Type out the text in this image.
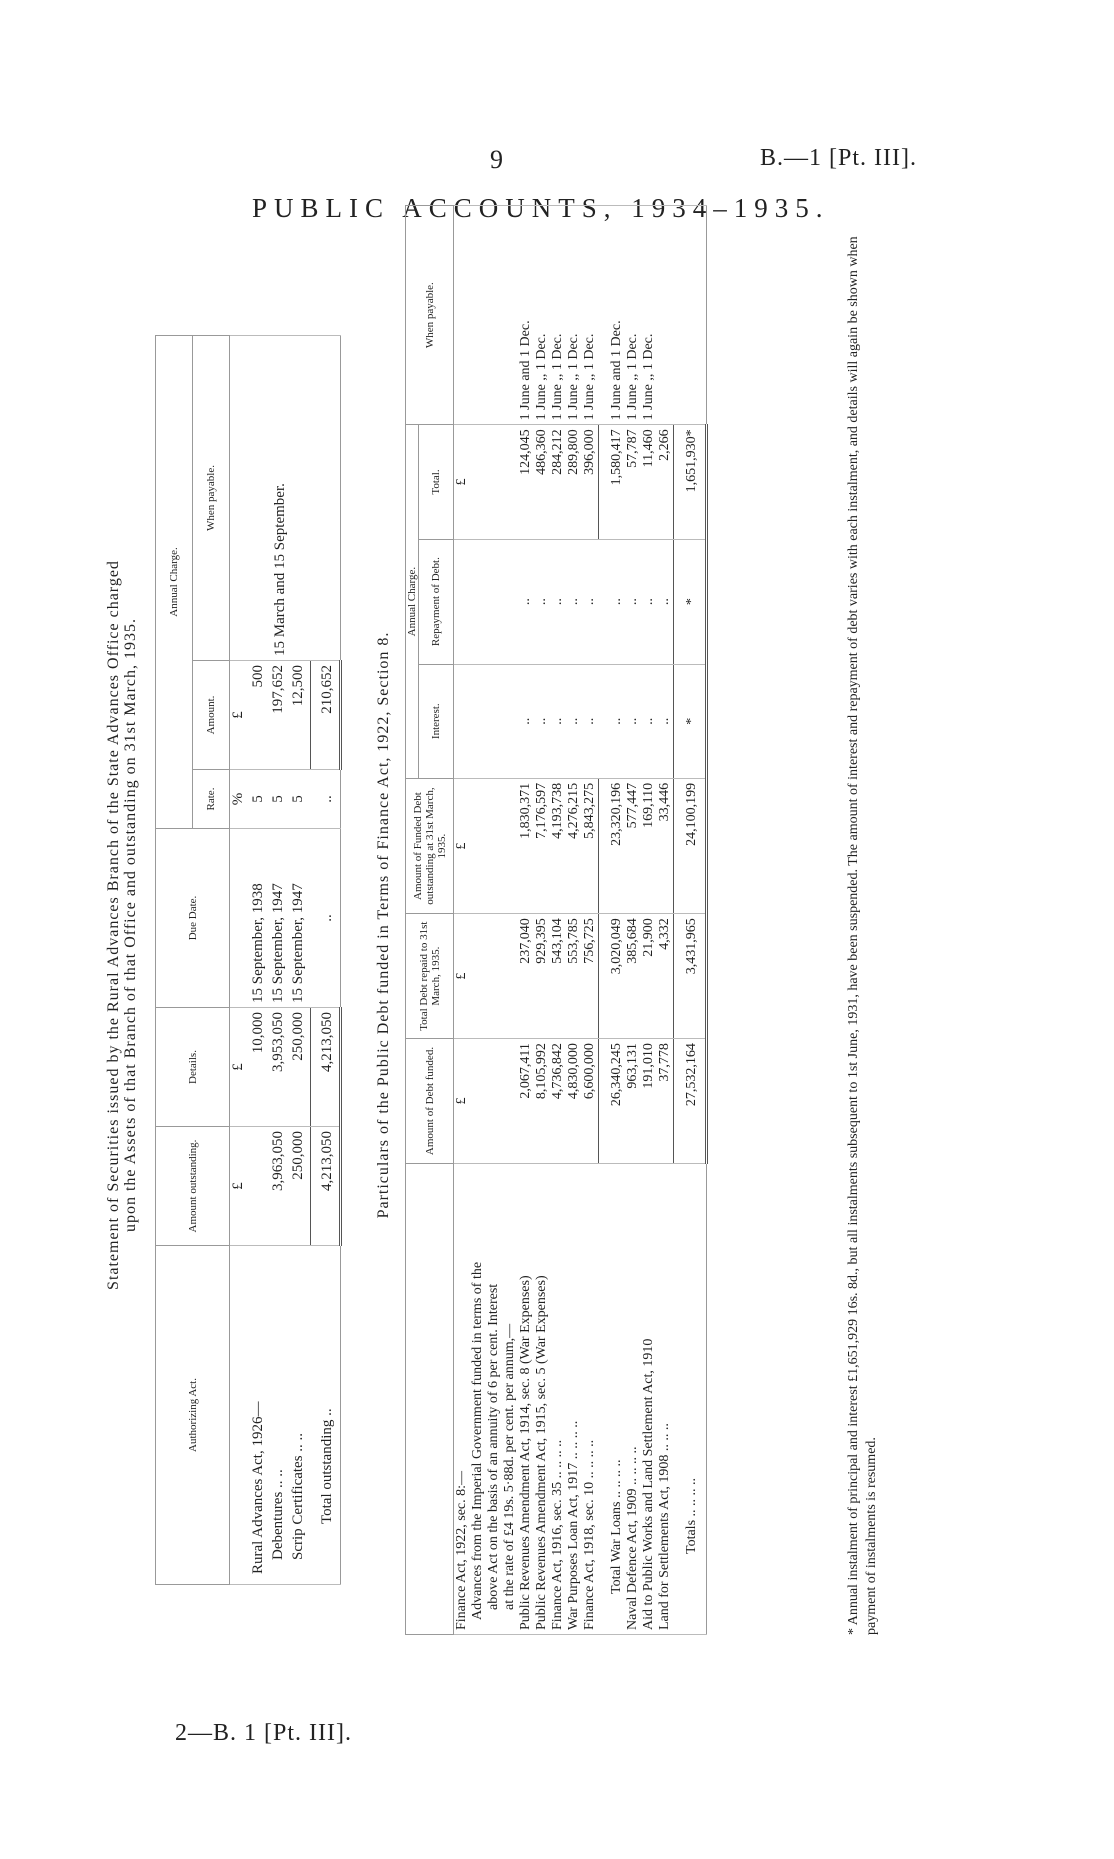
9	B.—1 [Pt. III].
PUBLIC ACCOUNTS, 1934–1935.
2—B. 1 [Pt. III].
Statement of Securities issued by the Rural Advances Branch of the State Advances Office charged upon the Assets of that Branch of that Office and outstanding on 31st March, 1935.
Authorizing Act.	Amount outstanding.	Details.	Due Date.	Annual Charge.		
				Rate.	Amount.	When payable.
	£	£		%	£	
Rural Advances Act, 1926—		10,000	15 September, 1938	5	500	15 March and 15 September.
Debentures .. ..	3,963,050	3,953,050	15 September, 1947	5	197,652	
Scrip Certificates .. ..	250,000	250,000	15 September, 1947	5	12,500	
Total outstanding ..	4,213,050	4,213,050	..	..	210,652		Particulars of the Public Debt funded in Terms of Finance Act, 1922, Section 8.
		Amount of Debt funded.	Total Debt repaid to 31st March, 1935.	Amount of Funded Debt outstanding at 31st March, 1935.	Annual Charge.			When payable.
				Interest.	Repayment of Debt.	Total.	

Finance Act, 1922, sec. 8:— Advances from the Imperial Government funded in terms of the above Act on the basis of an annuity of 6 per cent. Interest at the rate of £4 19s. 5·88d. per cent. per annum,—	£	£	£			£	
Public Revenues Amendment Act, 1914, sec. 8 (War Expenses)	2,067,411	237,040	1,830,371	..	..	124,045	1 June and 1 Dec.
Public Revenues Amendment Act, 1915, sec. 5 (War Expenses)	8,105,992	929,395	7,176,597	..	..	486,360	1 June ,, 1 Dec.
Finance Act, 1916, sec. 35 .. .. .. ..	4,736,842	543,104	4,193,738	..	..	284,212	1 June ,, 1 Dec.
War Purposes Loan Act, 1917 .. .. .. ..	4,830,000	553,785	4,276,215	..	..	289,800	1 June ,, 1 Dec.
Finance Act, 1918, sec. 10 .. .. .. ..	6,600,000	756,725	5,843,275	..	..	396,000	1 June ,, 1 Dec.
Total War Loans .. .. .. ..	26,340,245	3,020,049	23,320,196	..	..	1,580,417	1 June and 1 Dec.
Naval Defence Act, 1909 .. .. .. ..	963,131	385,684	577,447	..	..	57,787	1 June ,, 1 Dec.
Aid to Public Works and Land Settlement Act, 1910	191,010	21,900	169,110	..	..	11,460	1 June ,, 1 Dec.
Land for Settlements Act, 1908 .. .. ..	37,778	4,332	33,446	..	..	2,266	
Totals .. .. .. ..	27,532,164	3,431,965	24,100,199	*	*	1,651,930*		* Annual instalment of principal and interest £1,651,929 16s. 8d., but all instalments subsequent to 1st June, 1931, have been suspended. The amount of interest and repayment of debt varies with each instalment, and details will again be shown when payment of instalments is resumed.
